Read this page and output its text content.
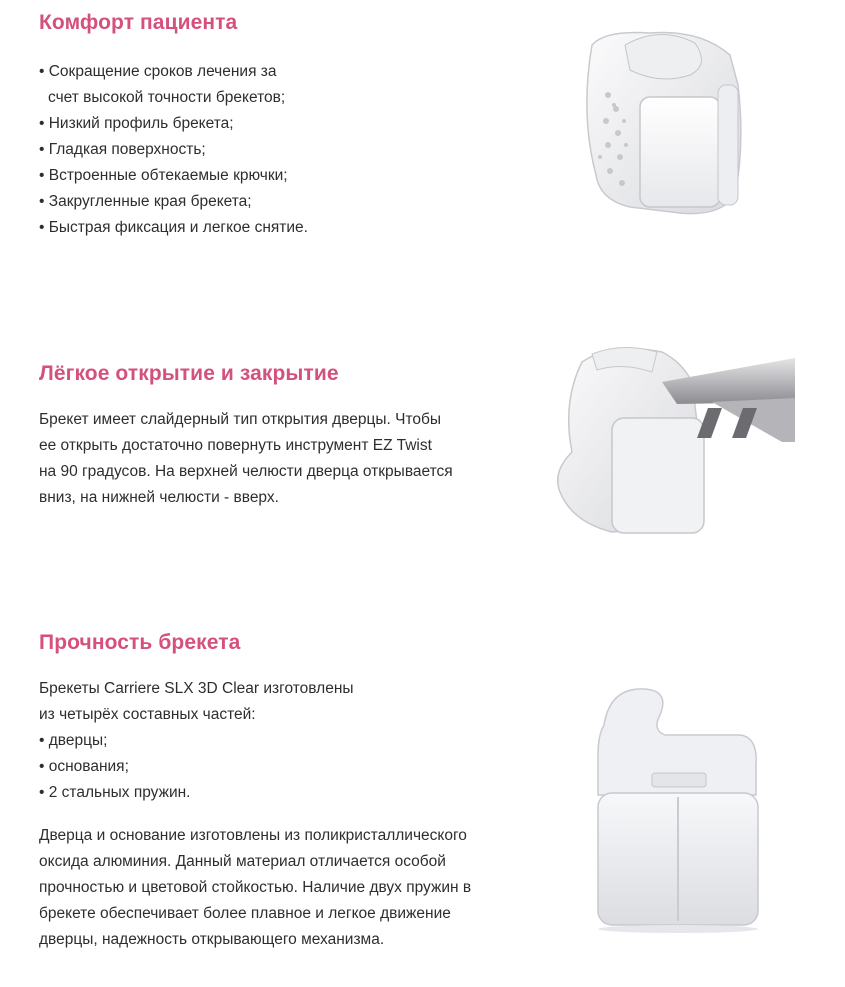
Комфорт пациента
• Сокращение сроков лечения за
счет высокой точности брекетов;
• Низкий профиль брекета;
• Гладкая поверхность;
• Встроенные обтекаемые крючки;
• Закругленные края брекета;
• Быстрая фиксация и легкое снятие.
Лёгкое открытие и закрытие
Брекет имеет слайдерный тип открытия дверцы. Чтобы
ее открыть достаточно повернуть инструмент EZ Twist
на 90 градусов. На верхней челюсти дверца открывается
вниз, на нижней челюсти - вверх.
Прочность брекета
Брекеты Carriere SLX 3D Clear изготовлены
из четырёх составных частей:
• дверцы;
• основания;
• 2 стальных пружин.
Дверца и основание изготовлены из поликристаллического
оксида алюминия. Данный материал отличается особой
прочностью и цветовой стойкостью. Наличие двух пружин в
брекете обеспечивает более плавное и легкое движение
дверцы, надежность открывающего механизма.
